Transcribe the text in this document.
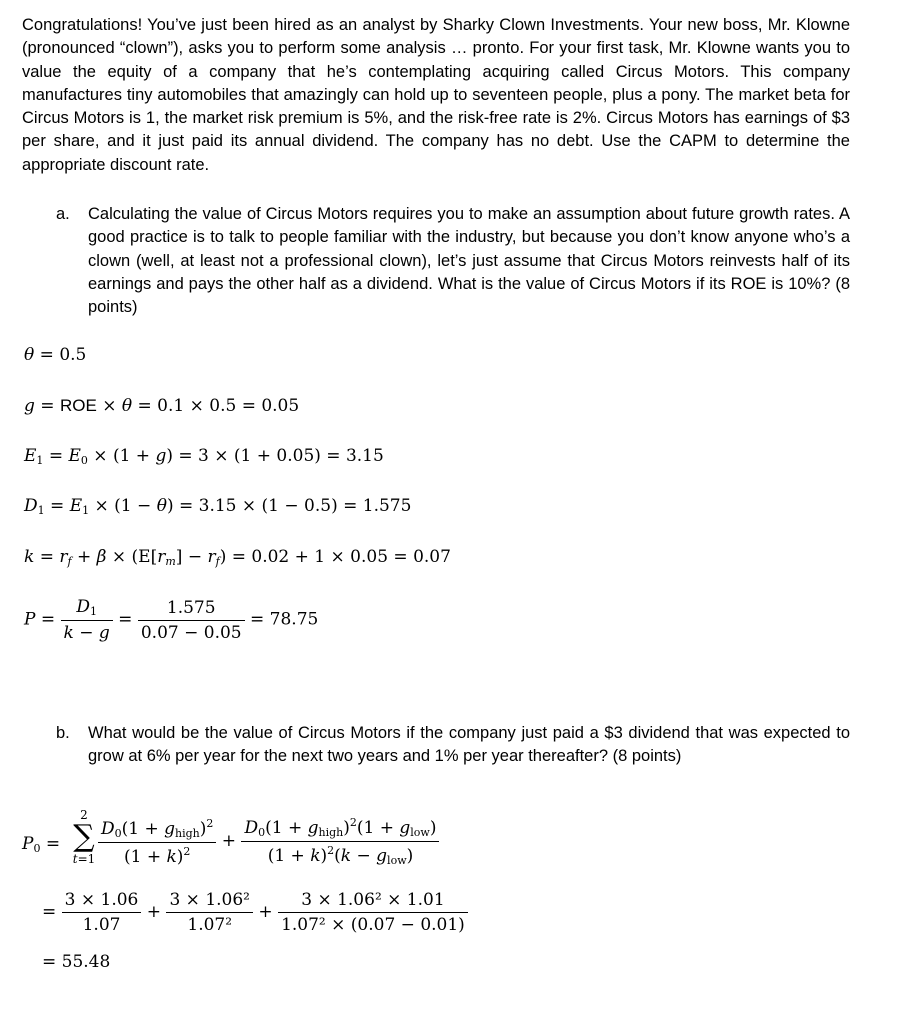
Congratulations! You’ve just been hired as an analyst by Sharky Clown Investments. Your new boss, Mr. Klowne (pronounced “clown”), asks you to perform some analysis … pronto. For your first task, Mr. Klowne wants you to value the equity of a company that he’s contemplating acquiring called Circus Motors. This company manufactures tiny automobiles that amazingly can hold up to seventeen people, plus a pony. The market beta for Circus Motors is 1, the market risk premium is 5%, and the risk-free rate is 2%. Circus Motors has earnings of $3 per share, and it just paid its annual dividend. The company has no debt. Use the CAPM to determine the appropriate discount rate.
a. Calculating the value of Circus Motors requires you to make an assumption about future growth rates. A good practice is to talk to people familiar with the industry, but because you don’t know anyone who’s a clown (well, at least not a professional clown), let’s just assume that Circus Motors reinvests half of its earnings and pays the other half as a dividend. What is the value of Circus Motors if its ROE is 10%? (8 points)
θ = 0.5
g = ROE × θ = 0.1 × 0.5 = 0.05
$E_1 = E_0 \times (1 + g) = 3 \times (1 + 0.05) = 3.15$
$D_1 = E_1 \times (1 - \theta) = 3.15 \times (1 - 0.5) = 1.575$
$k = r_f + \beta \times (E[r_m] - r_f) = 0.02 + 1 \times 0.05 = 0.07$
$P = \frac{D_1}{k - g} = \frac{1.575}{0.07 - 0.05} = 78.75$
b. What would be the value of Circus Motors if the company just paid a $3 dividend that was expected to grow at 6% per year for the next two years and 1% per year thereafter? (8 points)
$P_0$ =
2
∑
$t=1 \frac{D_0(1 + g_{high})^2}{(1 + k)^2} + \frac{D_0(1 + g_{high})^2(1 + g_{low})}{(1 + k)^2(k - g_{low})}$
= $\frac{3 \times 1.06}{1.07} + \frac{\text{3 × 1.06²}}{\text{1.07²}} + \frac{\text{3 × 1.06² × 1.01}}{\text{1.07² × (0.07 − 0.01)}}$
= 55.48
